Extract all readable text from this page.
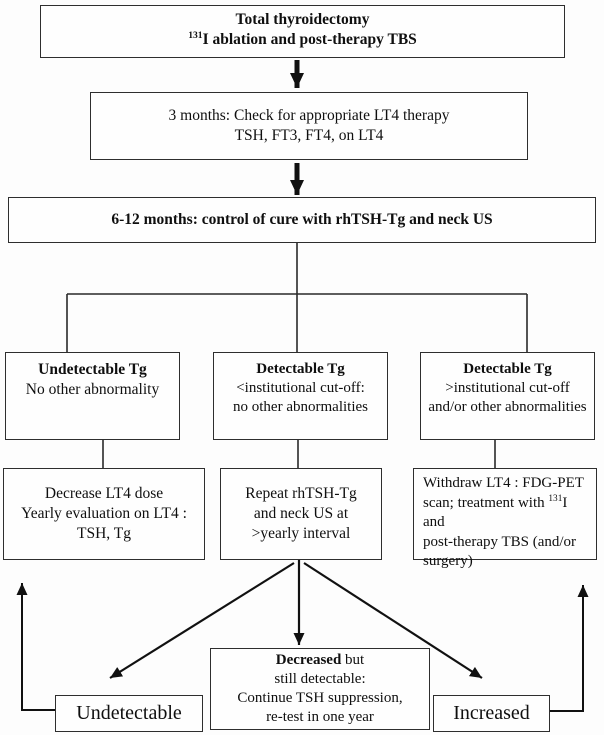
Total thyroidectomy
$^{131}$I ablation and post-therapy TBS
3 months: Check for appropriate LT4 therapy
TSH, FT3, FT4, on LT4
6-12 months: control of cure with rhTSH-Tg and neck US
Undetectable Tg
No other abnormality
Detectable Tg
<institutional cut-off:
no other abnormalities
Detectable Tg
>institutional cut-off
and/or other abnormalities
Decrease LT4 dose
Yearly evaluation on LT4 :
TSH, Tg
Repeat rhTSH-Tg
and neck US at
>yearly interval
Withdraw LT4 : FDG-PET
scan; treatment with $^{131}$I and
post-therapy TBS (and/or
surgery)
Undetectable
Decreased but
still detectable:
Continue TSH suppression,
re-test in one year	Increased
